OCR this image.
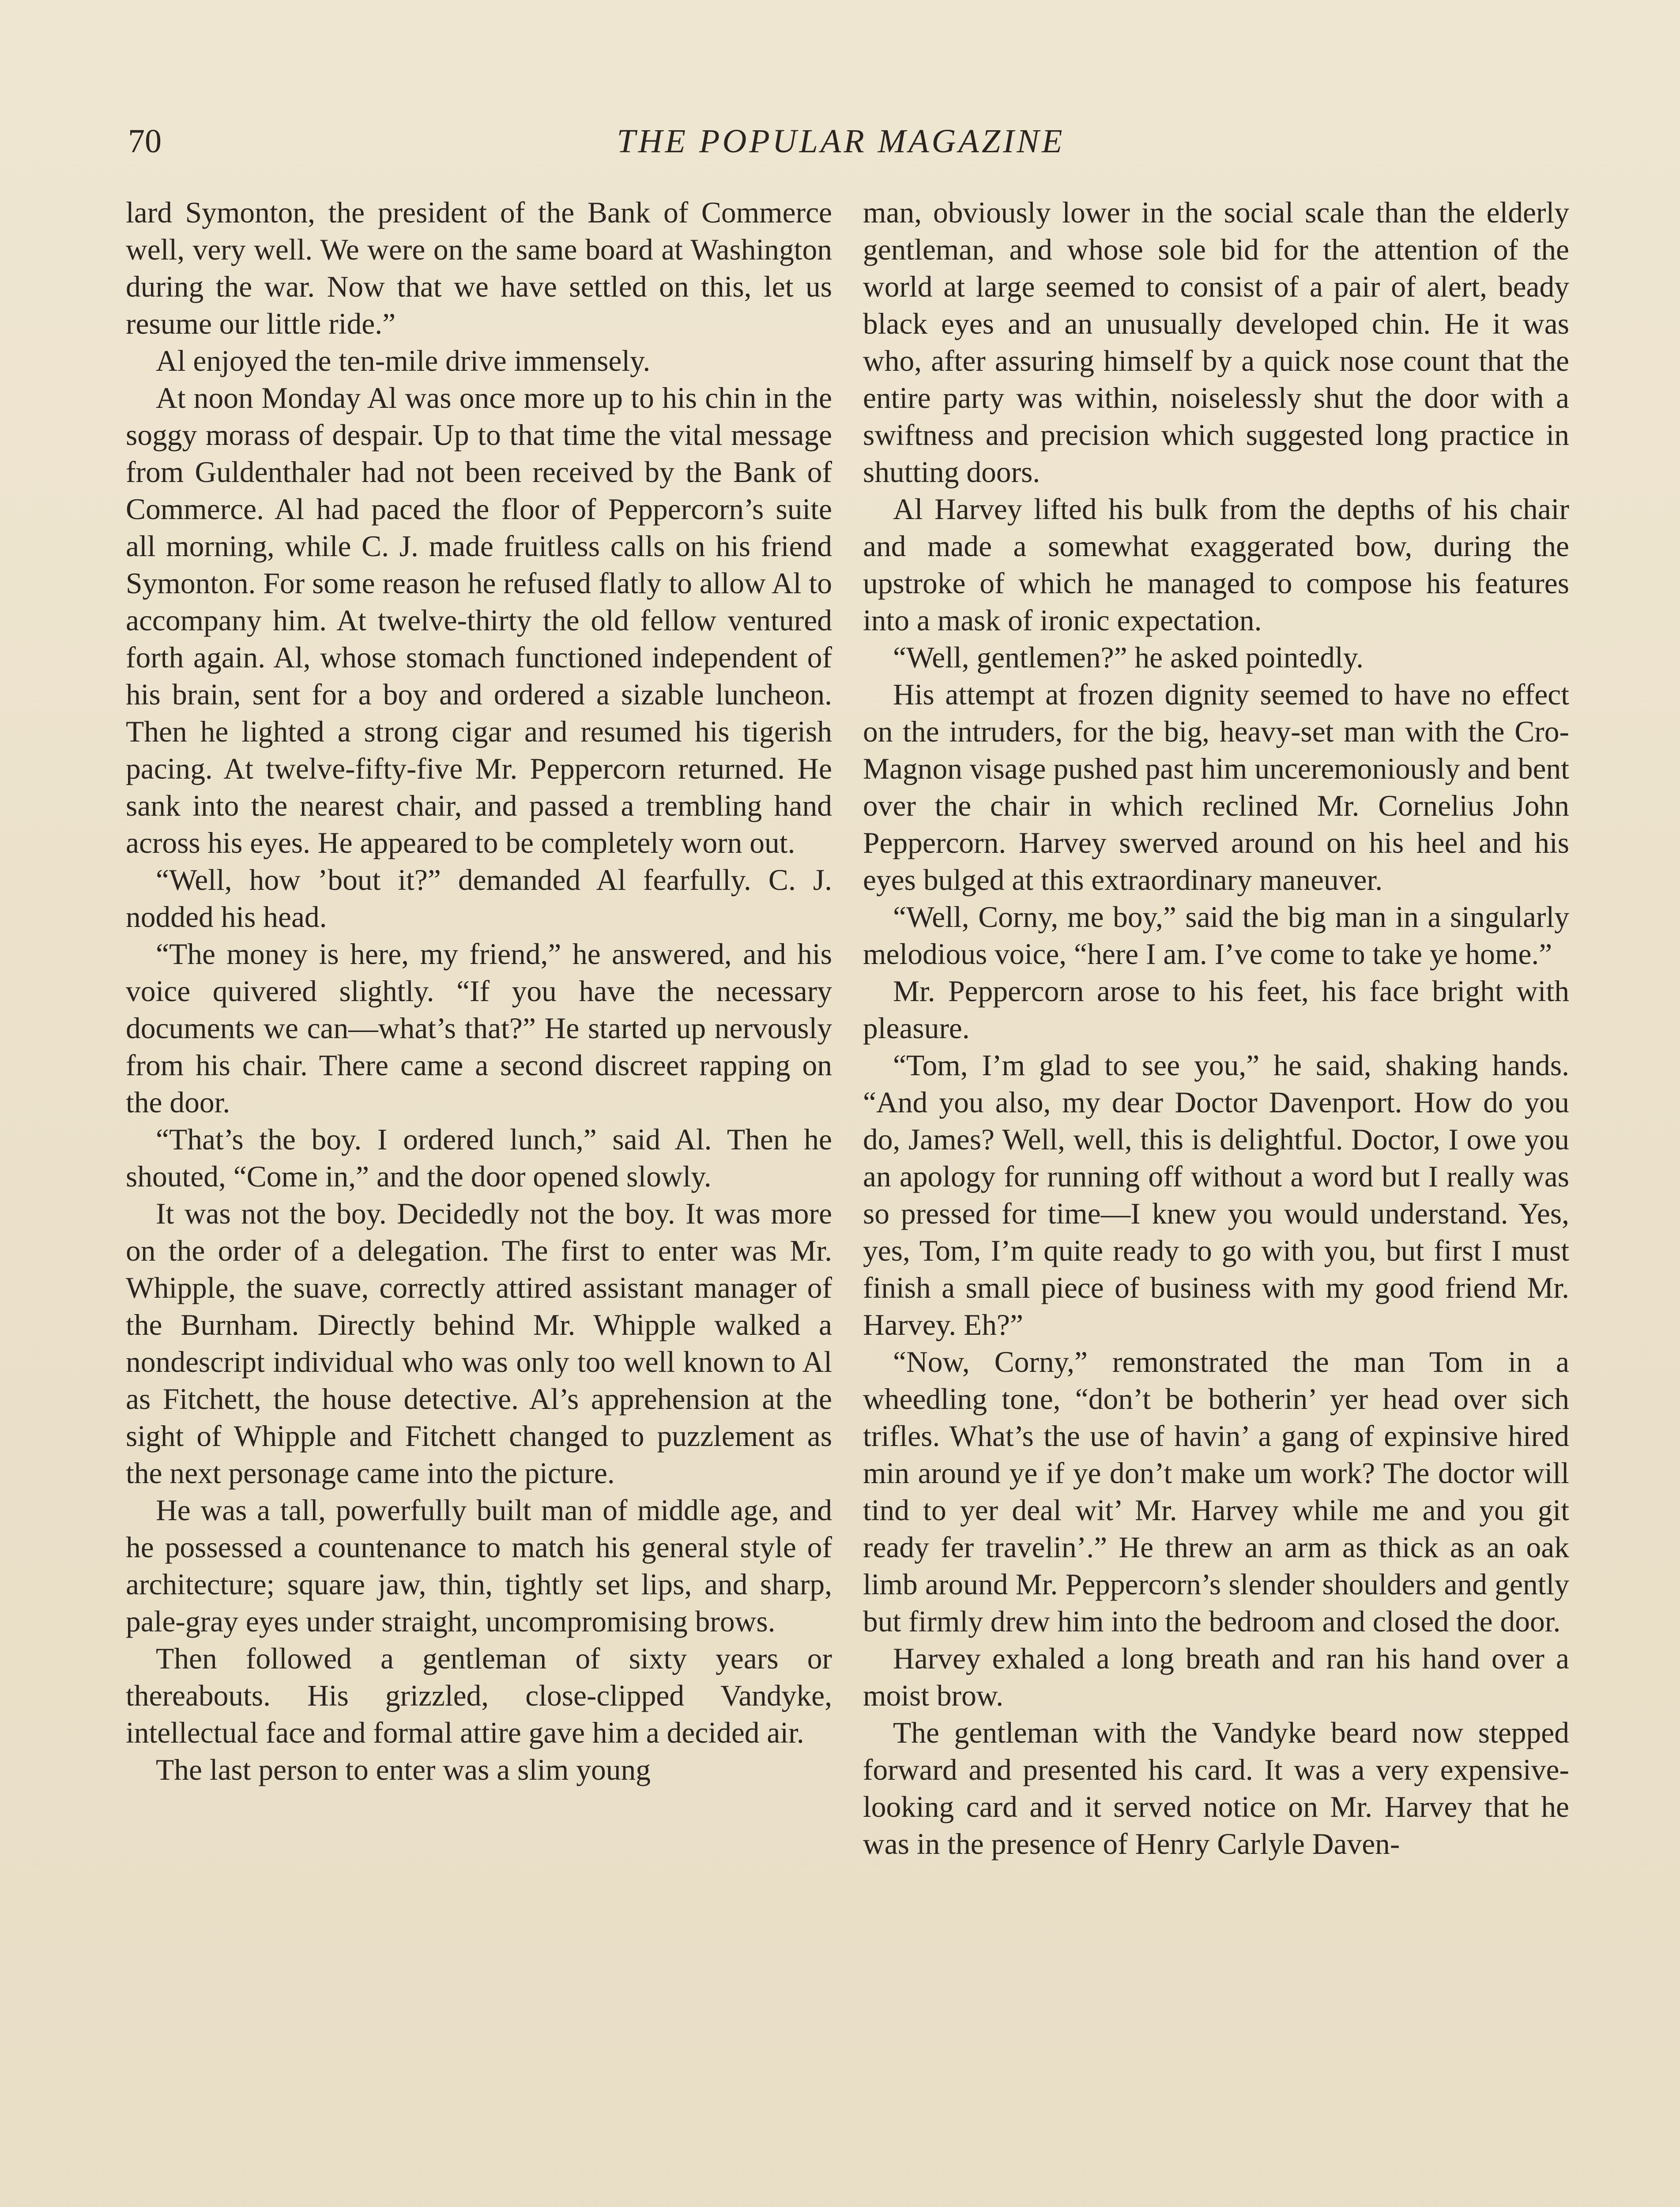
70	THE POPULAR MAGAZINE

lard Symonton, the president of the Bank of Commerce well, very well. We were on the same board at Washington during the war. Now that we have settled on this, let us resume our little ride.”

Al enjoyed the ten-mile drive immensely.

At noon Monday Al was once more up to his chin in the soggy morass of despair. Up to that time the vital message from Guldenthaler had not been received by the Bank of Commerce. Al had paced the floor of Peppercorn’s suite all morning, while C. J. made fruitless calls on his friend Symonton. For some reason he refused flatly to allow Al to accompany him. At twelve-thirty the old fellow ventured forth again. Al, whose stomach functioned independent of his brain, sent for a boy and ordered a sizable luncheon. Then he lighted a strong cigar and resumed his tigerish pacing. At twelve-fifty-five Mr. Peppercorn returned. He sank into the nearest chair, and passed a trembling hand across his eyes. He appeared to be completely worn out.

“Well, how ’bout it?” demanded Al fearfully. C. J. nodded his head.

“The money is here, my friend,” he answered, and his voice quivered slightly. “If you have the necessary documents we can—what’s that?” He started up nervously from his chair. There came a second discreet rapping on the door.

“That’s the boy. I ordered lunch,” said Al. Then he shouted, “Come in,” and the door opened slowly.

It was not the boy. Decidedly not the boy. It was more on the order of a delegation. The first to enter was Mr. Whipple, the suave, correctly attired assistant manager of the Burnham. Directly behind Mr. Whipple walked a nondescript individual who was only too well known to Al as Fitchett, the house detective. Al’s apprehension at the sight of Whipple and Fitchett changed to puzzlement as the next personage came into the picture.

He was a tall, powerfully built man of middle age, and he possessed a countenance to match his general style of architecture; square jaw, thin, tightly set lips, and sharp, pale-gray eyes under straight, uncompromising brows.

Then followed a gentleman of sixty years or thereabouts. His grizzled, close-clipped Vandyke, intellectual face and formal attire gave him a decided air.

The last person to enter was a slim young

man, obviously lower in the social scale than the elderly gentleman, and whose sole bid for the attention of the world at large seemed to consist of a pair of alert, beady black eyes and an unusually developed chin. He it was who, after assuring himself by a quick nose count that the entire party was within, noiselessly shut the door with a swiftness and precision which suggested long practice in shutting doors.

Al Harvey lifted his bulk from the depths of his chair and made a somewhat exaggerated bow, during the upstroke of which he managed to compose his features into a mask of ironic expectation.

“Well, gentlemen?” he asked pointedly.

His attempt at frozen dignity seemed to have no effect on the intruders, for the big, heavy-set man with the Cro-Magnon visage pushed past him unceremoniously and bent over the chair in which reclined Mr. Cornelius John Peppercorn. Harvey swerved around on his heel and his eyes bulged at this extraordinary maneuver.

“Well, Corny, me boy,” said the big man in a singularly melodious voice, “here I am. I’ve come to take ye home.”

Mr. Peppercorn arose to his feet, his face bright with pleasure.

“Tom, I’m glad to see you,” he said, shaking hands. “And you also, my dear Doctor Davenport. How do you do, James? Well, well, this is delightful. Doctor, I owe you an apology for running off without a word but I really was so pressed for time—I knew you would understand. Yes, yes, Tom, I’m quite ready to go with you, but first I must finish a small piece of business with my good friend Mr. Harvey. Eh?”

“Now, Corny,” remonstrated the man Tom in a wheedling tone, “don’t be botherin’ yer head over sich trifles. What’s the use of havin’ a gang of expinsive hired min around ye if ye don’t make um work? The doctor will tind to yer deal wit’ Mr. Harvey while me and you git ready fer travelin’.” He threw an arm as thick as an oak limb around Mr. Peppercorn’s slender shoulders and gently but firmly drew him into the bedroom and closed the door.

Harvey exhaled a long breath and ran his hand over a moist brow.

The gentleman with the Vandyke beard now stepped forward and presented his card. It was a very expensive-looking card and it served notice on Mr. Harvey that he was in the presence of Henry Carlyle Daven-
